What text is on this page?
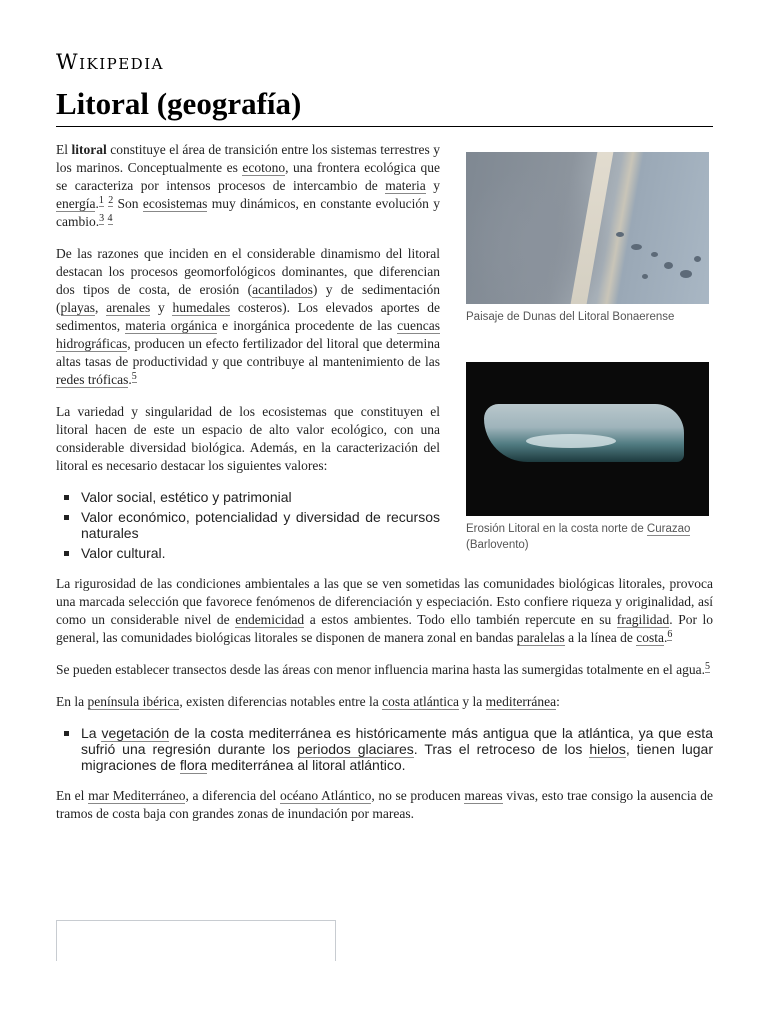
Wikipedia
Litoral (geografía)
Paisaje de Dunas del Litoral Bonaerense
Erosión Litoral en la costa norte de Curazao (Barlovento)

El litoral constituye el área de transición entre los sistemas terrestres y los marinos. Conceptualmente es ecotono, una frontera ecológica que se caracteriza por intensos procesos de intercambio de materia y energía.$^1$ $^2$ Son ecosistemas muy dinámicos, en constante evolución y cambio.$^3$ $^4$

De las razones que inciden en el considerable dinamismo del litoral destacan los procesos geomorfológicos dominantes, que diferencian dos tipos de costa, de erosión (acantilados) y de sedimentación (playas, arenales y humedales costeros). Los elevados aportes de sedimentos, materia orgánica e inorgánica procedente de las cuencas hidrográficas, producen un efecto fertilizador del litoral que determina altas tasas de productividad y que contribuye al mantenimiento de las redes tróficas.$^5$

La variedad y singularidad de los ecosistemas que constituyen el litoral hacen de este un espacio de alto valor ecológico, con una considerable diversidad biológica. Además, en la caracterización del litoral es necesario destacar los siguientes valores:

Valor social, estético y patrimonial
Valor económico, potencialidad y diversidad de recursos naturales
Valor cultural.

La rigurosidad de las condiciones ambientales a las que se ven sometidas las comunidades biológicas litorales, provoca una marcada selección que favorece fenómenos de diferenciación y especiación. Esto confiere riqueza y originalidad, así como un considerable nivel de endemicidad a estos ambientes. Todo ello también repercute en su fragilidad. Por lo general, las comunidades biológicas litorales se disponen de manera zonal en bandas paralelas a la línea de costa.$^6$

Se pueden establecer transectos desde las áreas con menor influencia marina hasta las sumergidas totalmente en el agua.$^5$

En la península ibérica, existen diferencias notables entre la costa atlántica y la mediterránea:

La vegetación de la costa mediterránea es históricamente más antigua que la atlántica, ya que esta sufrió una regresión durante los periodos glaciares. Tras el retroceso de los hielos, tienen lugar migraciones de flora mediterránea al litoral atlántico.

En el mar Mediterráneo, a diferencia del océano Atlántico, no se producen mareas vivas, esto trae consigo la ausencia de tramos de costa baja con grandes zonas de inundación por mareas.
